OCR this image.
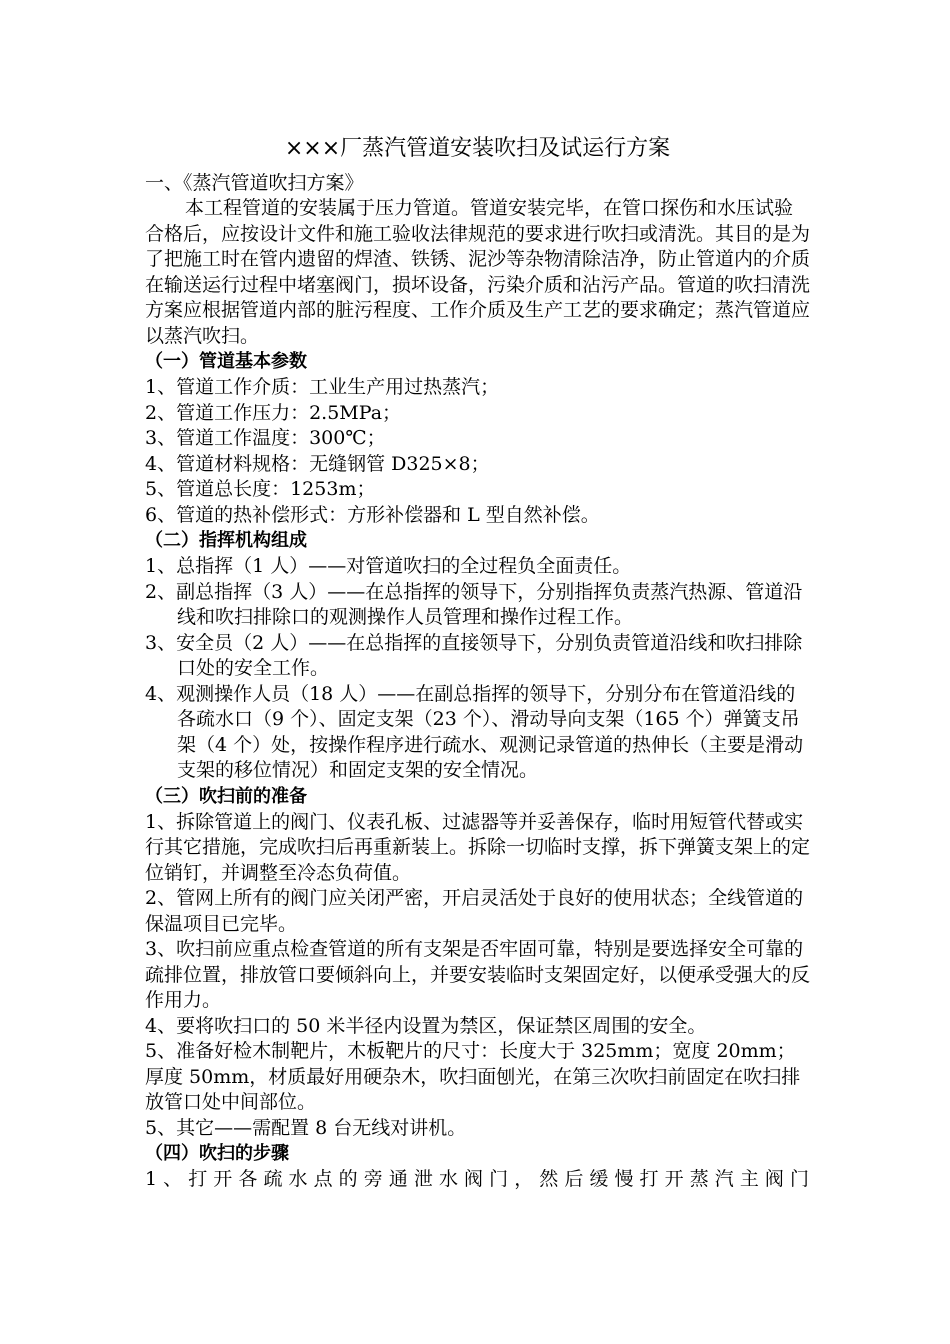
×××厂蒸汽管道安装吹扫及试运行方案

一、《蒸汽管道吹扫方案》

本工程管道的安装属于压力管道。管道安装完毕，在管口探伤和水压试验合格后，应按设计文件和施工验收法律规范的要求进行吹扫或清洗。其目的是为了把施工时在管内遗留的焊渣、铁锈、泥沙等杂物清除洁净，防止管道内的介质在输送运行过程中堵塞阀门，损坏设备，污染介质和沾污产品。管道的吹扫清洗方案应根据管道内部的脏污程度、工作介质及生产工艺的要求确定；蒸汽管道应以蒸汽吹扫。

（一）管道基本参数

1、管道工作介质：工业生产用过热蒸汽；

2、管道工作压力：2.5MPa；

3、管道工作温度：300℃；

4、管道材料规格：无缝钢管 D325×8；

5、管道总长度：1253m；

6、管道的热补偿形式：方形补偿器和 L 型自然补偿。

（二）指挥机构组成

1、总指挥（1 人）——对管道吹扫的全过程负全面责任。

2、副总指挥（3 人）——在总指挥的领导下，分别指挥负责蒸汽热源、管道沿线和吹扫排除口的观测操作人员管理和操作过程工作。

3、安全员（2 人）——在总指挥的直接领导下，分别负责管道沿线和吹扫排除口处的安全工作。

4、观测操作人员（18 人）——在副总指挥的领导下，分别分布在管道沿线的各疏水口（9 个）、固定支架（23 个）、滑动导向支架（165 个）弹簧支吊架（4 个）处，按操作程序进行疏水、观测记录管道的热伸长（主要是滑动支架的移位情况）和固定支架的安全情况。

（三）吹扫前的准备

1、拆除管道上的阀门、仪表孔板、过滤器等并妥善保存，临时用短管代替或实行其它措施，完成吹扫后再重新装上。拆除一切临时支撑，拆下弹簧支架上的定位销钉，并调整至冷态负荷值。

2、管网上所有的阀门应关闭严密，开启灵活处于良好的使用状态；全线管道的保温项目已完毕。

3、吹扫前应重点检查管道的所有支架是否牢固可靠，特别是要选择安全可靠的疏排位置，排放管口要倾斜向上，并要安装临时支架固定好，以便承受强大的反作用力。

4、要将吹扫口的 50 米半径内设置为禁区，保证禁区周围的安全。

5、准备好检木制靶片，木板靶片的尺寸：长度大于 325mm；宽度 20mm；厚度 50mm，材质最好用硬杂木，吹扫面刨光，在第三次吹扫前固定在吹扫排放管口处中间部位。

5、其它——需配置 8 台无线对讲机。

（四）吹扫的步骤

1、打开各疏水点的旁通泄水阀门，然后缓慢打开蒸汽主阀门
